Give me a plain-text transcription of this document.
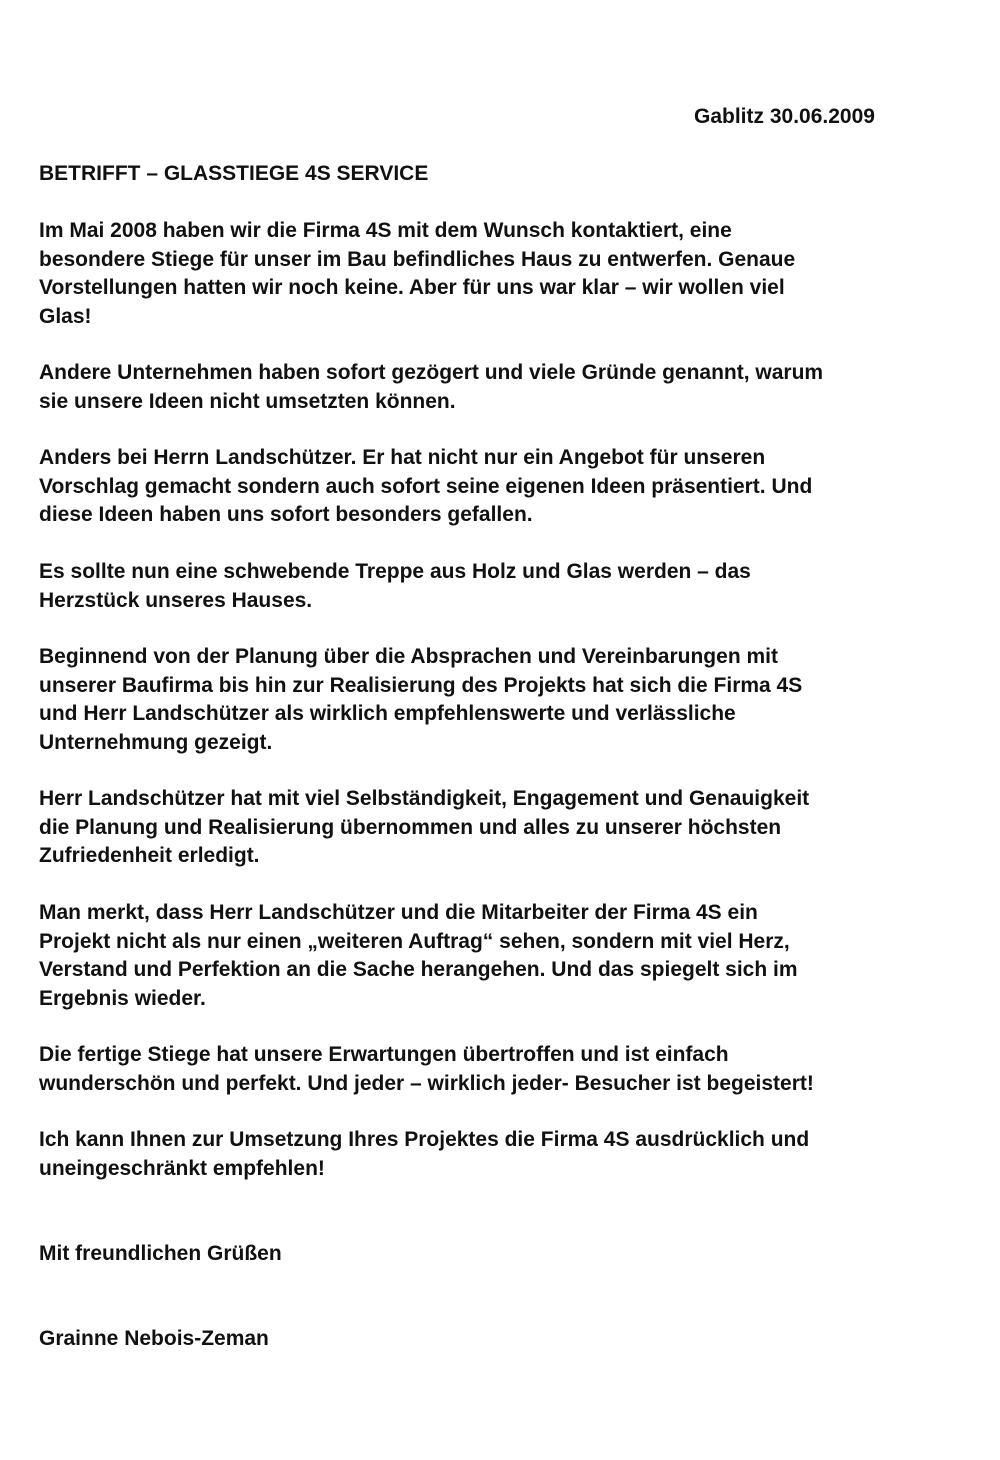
Gablitz 30.06.2009
BETRIFFT – GLASSTIEGE 4S SERVICE

Im Mai 2008 haben wir die Firma 4S mit dem Wunsch kontaktiert, eine
besondere Stiege für unser im Bau befindliches Haus zu entwerfen. Genaue
Vorstellungen hatten wir noch keine. Aber für uns war klar – wir wollen viel
Glas!

Andere Unternehmen haben sofort gezögert und viele Gründe genannt, warum
sie unsere Ideen nicht umsetzten können.

Anders bei Herrn Landschützer. Er hat nicht nur ein Angebot für unseren
Vorschlag gemacht sondern auch sofort seine eigenen Ideen präsentiert. Und
diese Ideen haben uns sofort besonders gefallen.

Es sollte nun eine schwebende Treppe aus Holz und Glas werden – das
Herzstück unseres Hauses.

Beginnend von der Planung über die Absprachen und Vereinbarungen mit
unserer Baufirma bis hin zur Realisierung des Projekts hat sich die Firma 4S
und Herr Landschützer als wirklich empfehlenswerte und verlässliche
Unternehmung gezeigt.

Herr Landschützer hat mit viel Selbständigkeit, Engagement und Genauigkeit
die Planung und Realisierung übernommen und alles zu unserer höchsten
Zufriedenheit erledigt.

Man merkt, dass Herr Landschützer und die Mitarbeiter der Firma 4S ein
Projekt nicht als nur einen „weiteren Auftrag“ sehen, sondern mit viel Herz,
Verstand und Perfektion an die Sache herangehen. Und das spiegelt sich im
Ergebnis wieder.

Die fertige Stiege hat unsere Erwartungen übertroffen und ist einfach
wunderschön und perfekt. Und jeder – wirklich jeder- Besucher ist begeistert!

Ich kann Ihnen zur Umsetzung Ihres Projektes die Firma 4S ausdrücklich und
uneingeschränkt empfehlen!

Mit freundlichen Grüßen
Grainne Nebois-Zeman
